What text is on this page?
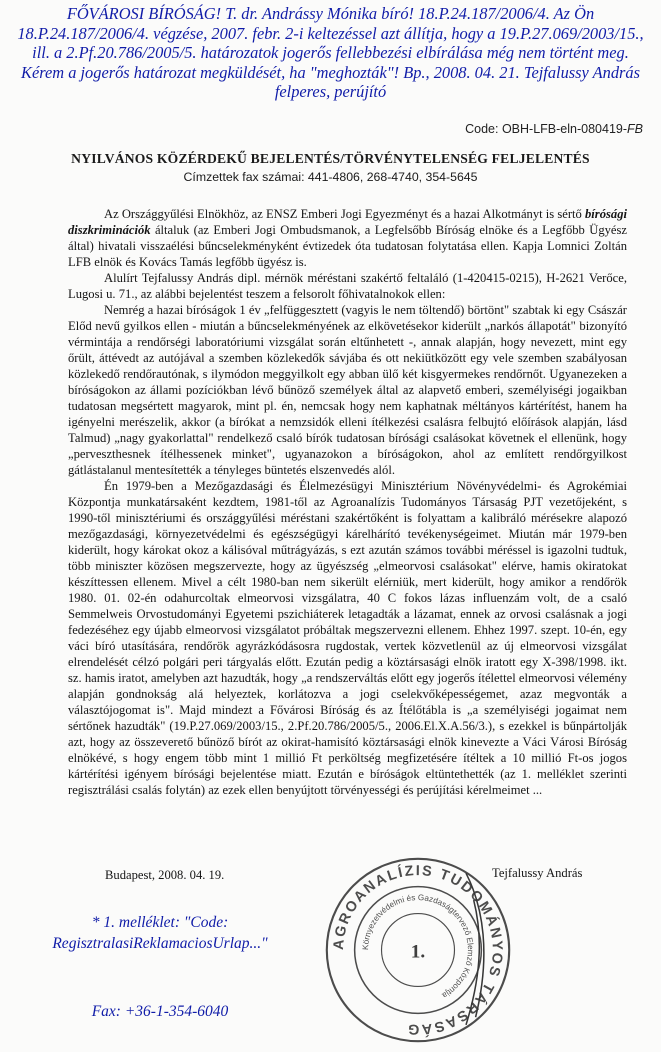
FŐVÁROSI BÍRÓSÁG! T. dr. Andrássy Mónika bíró! 18.P.24.187/2006/4. Az Ön 18.P.24.187/2006/4. végzése, 2007. febr. 2-i keltezéssel azt állítja, hogy a 19.P.27.069/2003/15., ill. a 2.Pf.20.786/2005/5. határozatok jogerős fellebbezési elbírálása még nem történt meg. Kérem a jogerős határozat megküldését, ha "meghozták"! Bp., 2008. 04. 21. Tejfalussy András felperes, perújító
Code: OBH-LFB-eln-080419-FB
NYILVÁNOS KÖZÉRDEKŰ BEJELENTÉS/TÖRVÉNYTELENSÉG FELJELENTÉS
Címzettek fax számai: 441-4806, 268-4740, 354-5645

Az Országgyűlési Elnökhöz, az ENSZ Emberi Jogi Egyezményt és a hazai Alkotmányt is sértő bírósági diszkriminációk általuk (az Emberi Jogi Ombudsmanok, a Legfelsőbb Bíróság elnöke és a Legfőbb Ügyész által) hivatali visszaélési bűncselekményként évtizedek óta tudatosan folytatása ellen. Kapja Lomnici Zoltán LFB elnök és Kovács Tamás legfőbb ügyész is.

Alulírt Tejfalussy András dipl. mérnök méréstani szakértő feltaláló (1-420415-0215), H-2621 Verőce, Lugosi u. 71., az alábbi bejelentést teszem a felsorolt főhivatalnokok ellen:

Nemrég a hazai bíróságok 1 év „felfüggesztett (vagyis le nem töltendő) börtönt" szabtak ki egy Császár Előd nevű gyilkos ellen - miután a bűncselekményének az elkövetésekor kiderült „narkós állapotát" bizonyító vérmintája a rendőrségi laboratóriumi vizsgálat során eltűnhetett -, annak alapján, hogy nevezett, mint egy őrült, áttévedt az autójával a szemben közlekedők sávjába és ott nekiütközött egy vele szemben szabályosan közlekedő rendőrautónak, s ilymódon meggyilkolt egy abban ülő két kisgyermekes rendőrnőt. Ugyanezeken a bíróságokon az állami pozíciókban lévő bűnöző személyek által az alapvető emberi, személyiségi jogaikban tudatosan megsértett magyarok, mint pl. én, nemcsak hogy nem kaphatnak méltányos kártérítést, hanem ha igényelni merészelik, akkor (a bírókat a nemzsidók elleni ítélkezési csalásra felbujtó előírások alapján, lásd Talmud) „nagy gyakorlattal" rendelkező csaló bírók tudatosan bírósági csalásokat követnek el ellenünk, hogy „perveszthesnek ítélhessenek minket", ugyanazokon a bíróságokon, ahol az említett rendőrgyilkost gátlástalanul mentesítették a tényleges büntetés elszenvedés alól.

Én 1979-ben a Mezőgazdasági és Élelmezésügyi Minisztérium Növényvédelmi- és Agrokémiai Központja munkatársaként kezdtem, 1981-től az Agroanalízis Tudományos Társaság PJT vezetőjeként, s 1990-től minisztériumi és országgyűlési méréstani szakértőként is folyattam a kalibráló mérésekre alapozó mezőgazdasági, környezetvédelmi és egészségügyi kárelhárító tevékenységeimet. Miután már 1979-ben kiderült, hogy károkat okoz a kálisóval műtrágyázás, s ezt azután számos további méréssel is igazolni tudtuk, több miniszter közösen megszervezte, hogy az ügyészség „elmeorvosi csalásokat" elérve, hamis okiratokat készíttessen ellenem. Mivel a célt 1980-ban nem sikerült elérniük, mert kiderült, hogy amikor a rendőrök 1980. 01. 02-én odahurcoltak elmeorvosi vizsgálatra, 40 C fokos lázas influenzám volt, de a csaló Semmelweis Orvostudományi Egyetemi pszichiáterek letagadták a lázamat, ennek az orvosi csalásnak a jogi fedezéséhez egy újabb elmeorvosi vizsgálatot próbáltak megszervezni ellenem. Ehhez 1997. szept. 10-én, egy váci bíró utasítására, rendőrök agyrázkódásosra rugdostak, vertek közvetlenül az új elmeorvosi vizsgálat elrendelését célzó polgári peri tárgyalás előtt. Ezután pedig a köztársasági elnök iratott egy X-398/1998. ikt. sz. hamis iratot, amelyben azt hazudták, hogy „a rendszerváltás előtt egy jogerős ítélettel elmeorvosi vélemény alapján gondnokság alá helyeztek, korlátozva a jogi cselekvőképességemet, azaz megvonták a választójogomat is". Majd mindezt a Fővárosi Bíróság és az Ítélőtábla is „a személyiségi jogaimat nem sértőnek hazudták" (19.P.27.069/2003/15., 2.Pf.20.786/2005/5., 2006.El.X.A.56/3.), s ezekkel is bűnpártolják azt, hogy az összeverető bűnöző bírót az okirat-hamisító köztársasági elnök kinevezte a Váci Városi Bíróság elnökévé, s hogy engem több mint 1 millió Ft perköltség megfizetésére ítéltek a 10 millió Ft-os jogos kártérítési igényem bírósági bejelentése miatt. Ezután e bíróságok eltüntethették (az 1. melléklet szerinti regisztrálási csalás folytán) az ezek ellen benyújtott törvényességi és perújítási kérelmeimet ...

Budapest, 2008. 04. 19.	Tejfalussy András
* 1. melléklet: "Code: RegisztralasiReklamaciosUrlap..."
Fax: +36-1-354-6040
AGROANALÍZIS TUDOMÁNYOS TÁRSASÁG
Környezetvédelmi és Gazdaságtervező Elemző Központja
1.
